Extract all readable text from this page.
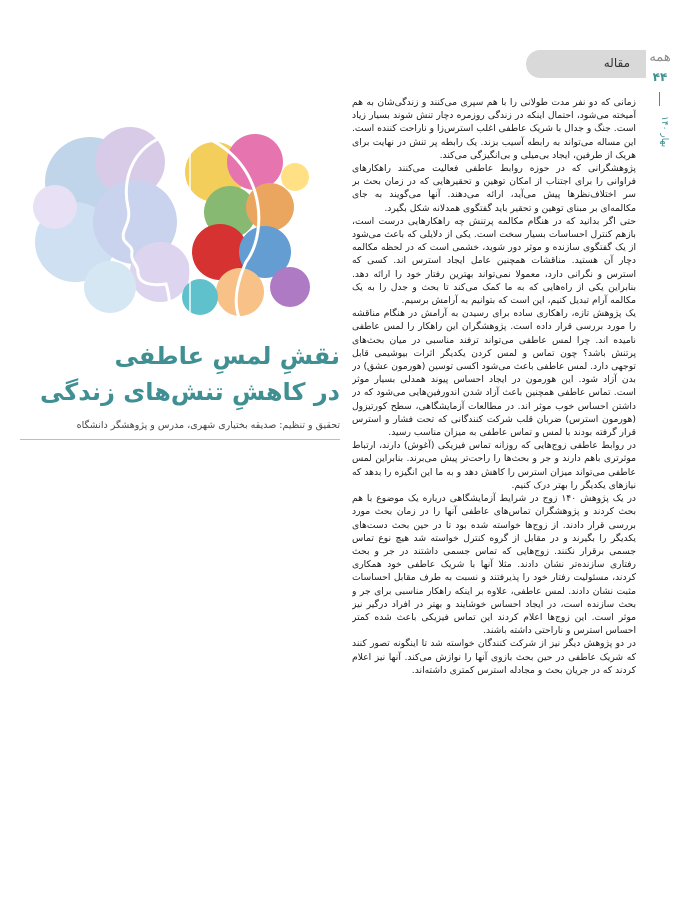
مقاله همه
۴۴
بهار ۱۴۰

زمانی که دو نفر مدت طولانی را با هم سپری می‌کنند و زندگی‌شان به هم آمیخته می‌شود، احتمال اینکه در زندگی روزمره دچار تنش شوند بسیار زیاد است. جنگ و جدال با شریک عاطفی اغلب استرس‌زا و ناراحت کننده است. این مساله می‌تواند به رابطه آسیب بزند. یک رابطه پر تنش در نهایت برای هریک از طرفین، ایجاد بی‌میلی و بی‌انگیزگی می‌کند.

پژوهشگرانی که در حوزه روابط عاطفی فعالیت می‌کنند راهکارهای فراوانی را برای اجتناب از امکان توهین و تحقیرهایی که در زمان بحث بر سر اختلاف‌نظرها پیش می‌آید، ارائه می‌دهند. آنها می‌گویند به جای مکالمه‌ای بر مبنای توهین و تحقیر باید گفتگوی همدلانه شکل بگیرد.

حتی اگر بدانید که در هنگام مکالمه پرتنش چه راهکارهایی درست است، بازهم کنترل احساسات بسیار سخت است. یکی از دلایلی که باعث می‌شود از یک گفتگوی سازنده و موثر دور شوید، خشمی است که در لحظه مکالمه دچار آن هستید. مناقشات همچنین عامل ایجاد استرس اند. کسی که استرس و نگرانی دارد، معمولا نمی‌تواند بهترین رفتار خود را ارائه دهد. بنابراین یکی از راه‌هایی که به ما کمک می‌کند تا بحث و جدل را به یک مکالمه آرام تبدیل کنیم، این است که بتوانیم به آرامش برسیم.

یک پژوهش تازه، راهکاری ساده برای رسیدن به آرامش در هنگام مناقشه را مورد بررسی قرار داده است. پژوهشگران این راهکار را لمس عاطفی نامیده اند. چرا لمس عاطفی می‌تواند ترفند مناسبی در میان بحث‌های پرتنش باشد؟ چون تماس و لمس کردن یکدیگر اثرات بیوشیمی قابل توجهی دارد. لمس عاطفی باعث می‌شود اکسی توسین (هورمون عشق) در بدن آزاد شود. این هورمون در ایجاد احساس پیوند همدلی بسیار موثر است. تماس عاطفی همچنین باعث آزاد شدن اندورفین‌هایی می‌شود که در داشتن احساس خوب موثر اند. در مطالعات آزمایشگاهی، سطح کورتیزول (هورمون استرس) ضربان قلب شرکت کنندگانی که تحت فشار و استرس قرار گرفته بودند با لمس و تماس عاطفی به میزان مناسب رسید.

در روابط عاطفی زوج‌هایی که روزانه تماس فیزیکی (آغوش) دارند، ارتباط موثرتری باهم دارند و جر و بحث‌ها را راحت‌تر پیش می‌برند. بنابراین لمس عاطفی می‌تواند میزان استرس را کاهش دهد و به ما این انگیزه را بدهد که نیازهای یکدیگر را بهتر درک کنیم.

در یک پژوهش ۱۴۰ زوج در شرایط آزمایشگاهی درباره یک موضوع با هم بحث کردند و پژوهشگران تماس‌های عاطفی آنها را در زمان بحث مورد بررسی قرار دادند. از زوج‌ها خواسته شده بود تا در حین بحث دست‌های یکدیگر را بگیرند و در مقابل از گروه کنترل خواسته شد هیچ نوع تماس جسمی برقرار نکنند. زوج‌هایی که تماس جسمی داشتند در جر و بحث رفتاری سازنده‌تر نشان دادند. مثلا آنها با شریک عاطفی خود همکاری کردند، مسئولیت رفتار خود را پذیرفتند و نسبت به طرف مقابل احساسات مثبت نشان دادند. لمس عاطفی، علاوه بر اینکه راهکار مناسبی برای جر و بحث سازنده است، در ایجاد احساس خوشایند و بهتر در افراد درگیر نیز موثر است. این زوج‌ها اعلام کردند این تماس فیزیکی باعث شده کمتر احساس استرس و ناراحتی داشته باشند.

در دو پژوهش دیگر نیز از شرکت کنندگان خواسته شد تا اینگونه تصور کنند که شریک عاطفی در حین بحث بازوی آنها را نوازش می‌کند. آنها نیز اعلام کردند که در جریان بحث و مجادله استرس کمتری داشته‌اند.

نقشِ لمسِ عاطفی
در کاهشِ تنش‌های زندگی
تحقیق و تنظیم: صدیقه بختیاری شهری، مدرس و پژوهشگر دانشگاه
